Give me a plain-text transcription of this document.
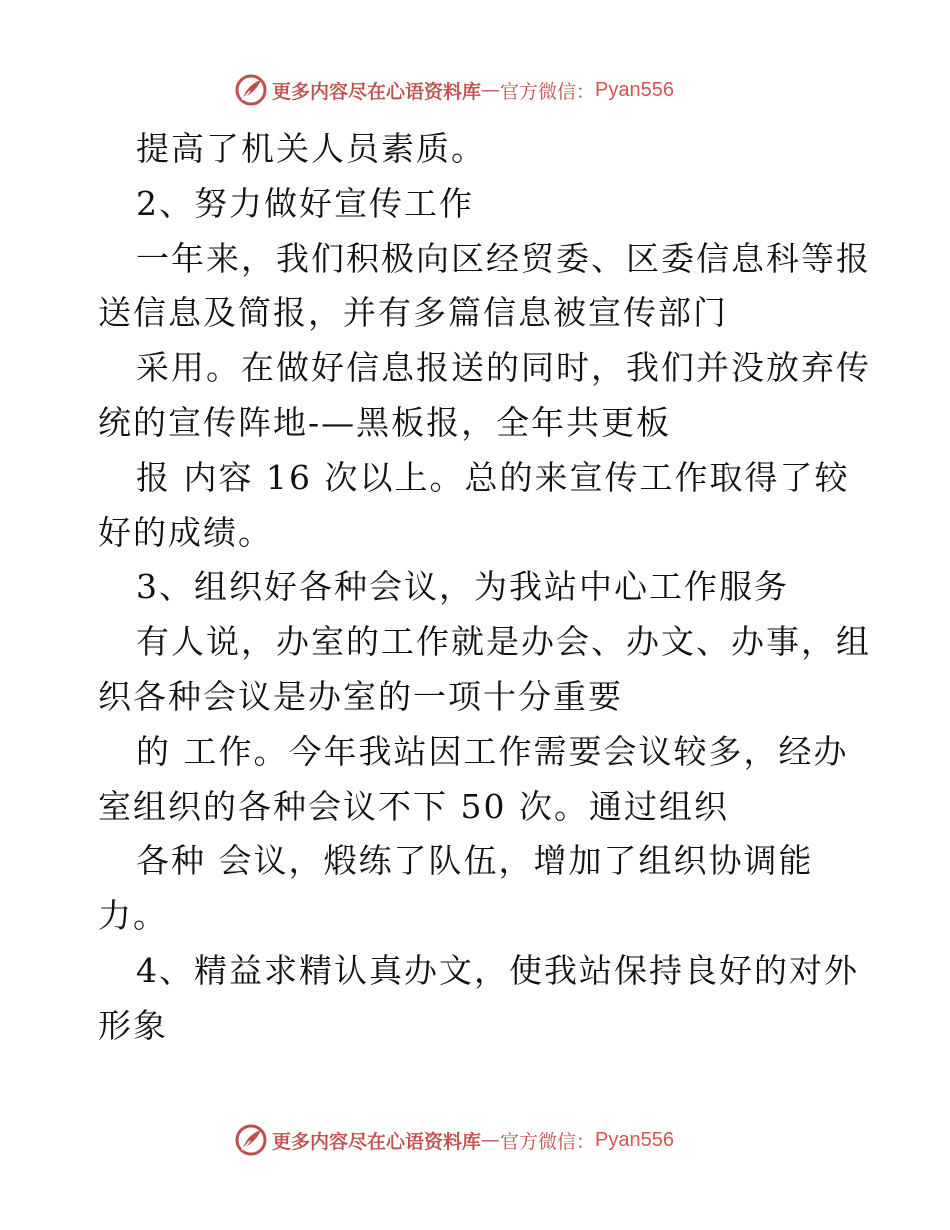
更多内容尽在心语资料库 — 官方微信： Pyan556
提高了机关人员素质。
2、努力做好宣传工作
一年来，我们积极向区经贸委、区委信息科等报
送信息及简报，并有多篇信息被宣传部门
采用。在做好信息报送的同时，我们并没放弃传
统的宣传阵地-—黑板报，全年共更板
报 内容 16 次以上。总的来宣传工作取得了较
好的成绩。
3、组织好各种会议，为我站中心工作服务
有人说，办室的工作就是办会、办文、办事，组
织各种会议是办室的一项十分重要
的 工作。今年我站因工作需要会议较多，经办
室组织的各种会议不下 50 次。通过组织
各种 会议，煅练了队伍，增加了组织协调能
力。
4、精益求精认真办文，使我站保持良好的对外
形象
更多内容尽在心语资料库 — 官方微信： Pyan556
